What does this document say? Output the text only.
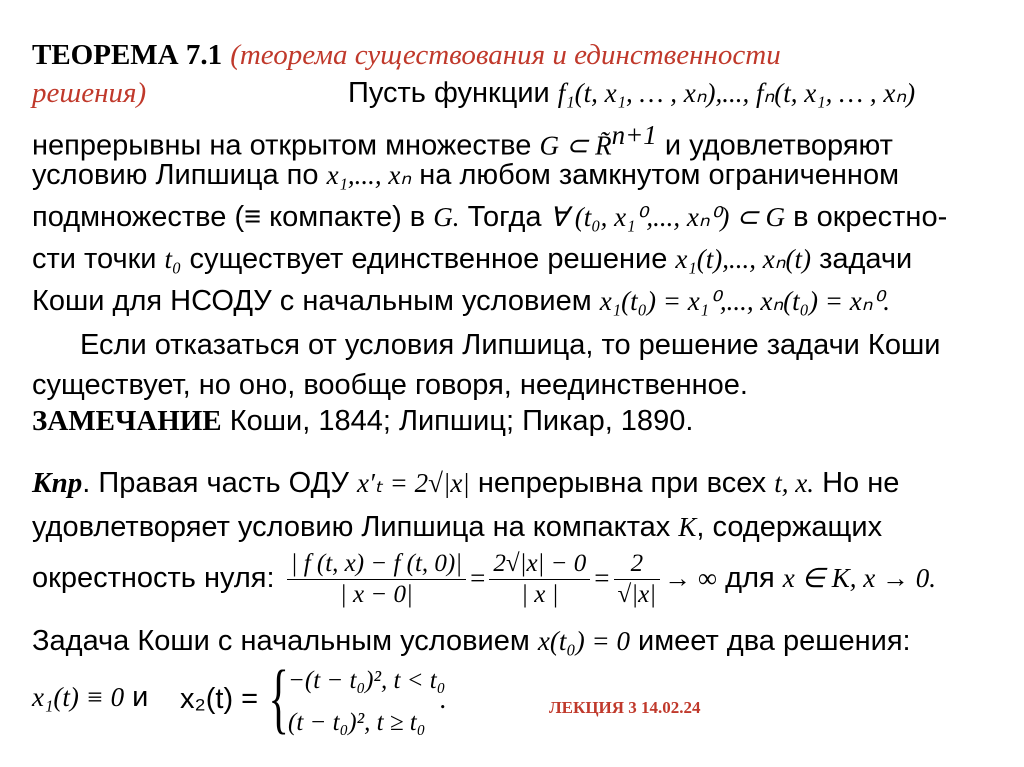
ТЕОРЕМА 7.1 (теорема существования и единственности
решения)	Пусть функции f₁(t, x₁, … , xₙ),..., fₙ(t, x₁, … , xₙ)
непрерывны на открытом множестве G ⊂ R̃$^{n+1}$ и удовлетворяют
условию Липшица по x₁,..., xₙ на любом замкнутом ограниченном
подмножестве (≡ компакте) в G. Тогда ∀ (t₀, x₁⁰,..., xₙ⁰) ⊂ G в окрестно-
сти точки t₀ существует единственное решение x₁(t),..., xₙ(t) задачи
Коши для НСОДУ с начальным условием x₁(t₀) = x₁⁰,..., xₙ(t₀) = xₙ⁰.
Если отказаться от условия Липшица, то решение задачи Коши
существует, но оно, вообще говоря, неединственное.
ЗАМЕЧАНИЕ Коши, 1844; Липшиц; Пикар, 1890.
Кпр. Правая часть ОДУ x′ₜ = 2√|x| непрерывна при всех t, x. Но не
удовлетворяет условию Липшица на компактах K, содержащих
окрестность нуля: $\frac{| f (t, x) - f (t, 0)|}{| x - 0|} = \frac{2√|x| - 0}{| x |} = \frac{2}{√|x|}$ → ∞ для x ∈ K, x → 0.
Задача Коши с начальным условием x(t₀) = 0 имеет два решения:
x₁(t) ≡ 0 и x₂(t) = {
−(t − t₀)², t < t₀
(t − t₀)², t ≥ t₀
.	ЛЕКЦИЯ 3 14.02.24
